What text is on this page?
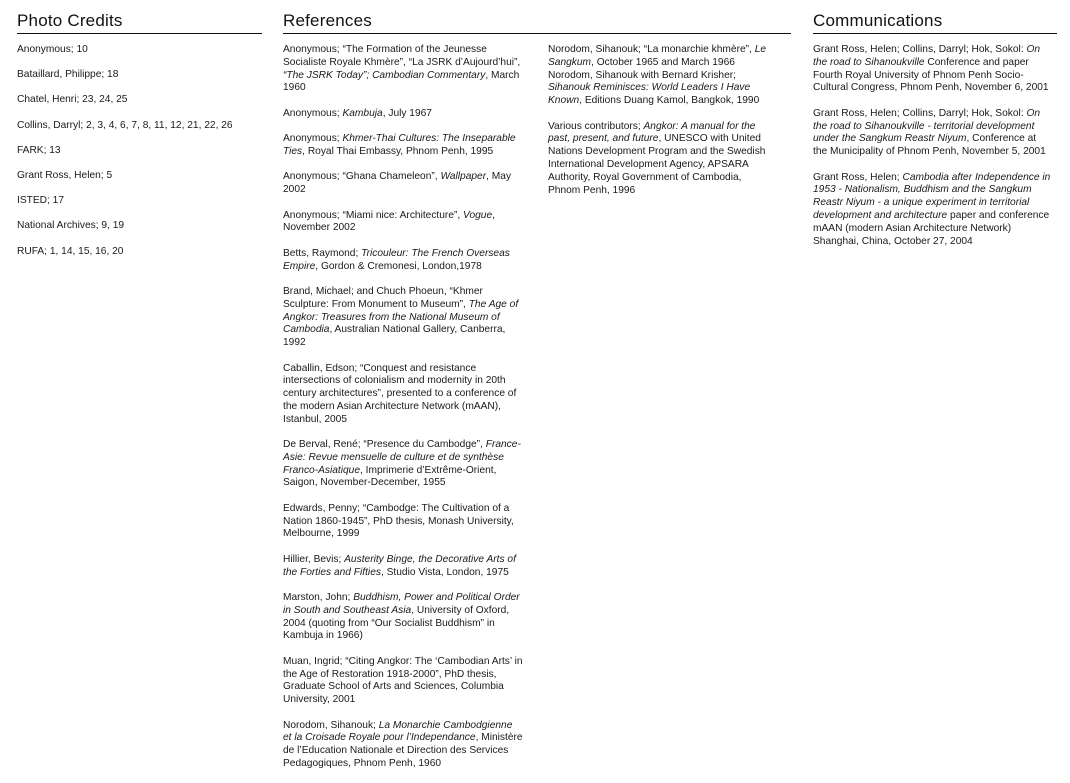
Photo Credits	References	Communications

Anonymous; 10

Bataillard, Philippe; 18

Chatel, Henri; 23, 24, 25

Collins, Darryl; 2, 3, 4, 6, 7, 8, 11, 12, 21, 22, 26

FARK; 13

Grant Ross, Helen; 5

ISTED; 17

National Archives; 9, 19

RUFA; 1, 14, 15, 16, 20

Anonymous; “The Formation of the Jeunesse Socialiste Royale Khmère”, “La JSRK d’Aujourd’hui”, “The JSRK Today”; Cambodian Commentary, March 1960

Anonymous; Kambuja, July 1967

Anonymous; Khmer-Thai Cultures: The Inseparable Ties, Royal Thai Embassy, Phnom Penh, 1995

Anonymous; “Ghana Chameleon”, Wallpaper, May 2002

Anonymous; “Miami nice: Architecture”, Vogue, November 2002

Betts, Raymond; Tricouleur: The French Overseas Empire, Gordon & Cremonesi, London,1978

Brand, Michael; and Chuch Phoeun, “Khmer Sculpture: From Monument to Museum”, The Age of Angkor: Treasures from the National Museum of Cambodia, Australian National Gallery, Canberra, 1992

Caballin, Edson; “Conquest and resistance intersections of colonialism and modernity in 20th century architectures”, presented to a conference of the modern Asian Architecture Network (mAAN), Istanbul, 2005

De Berval, René; “Presence du Cambodge”, France-Asie: Revue mensuelle de culture et de synthèse Franco-Asiatique, Imprimerie d’Extrême-Orient, Saigon, November-December, 1955

Edwards, Penny; “Cambodge: The Cultivation of a Nation 1860-1945”, PhD thesis, Monash University, Melbourne, 1999

Hillier, Bevis; Austerity Binge, the Decorative Arts of the Forties and Fifties, Studio Vista, London, 1975

Marston, John; Buddhism, Power and Political Order in South and Southeast Asia, University of Oxford, 2004 (quoting from “Our Socialist Buddhism” in Kambuja in 1966)

Muan, Ingrid; “Citing Angkor: The ‘Cambodian Arts’ in the Age of Restoration 1918-2000”, PhD thesis, Graduate School of Arts and Sciences, Columbia University, 2001

Norodom, Sihanouk; La Monarchie Cambodgienne et la Croisade Royale pour l’Independance, Ministère de l’Education Nationale et Direction des Services Pedagogiques, Phnom Penh, 1960

Norodom, Sihanouk; “La monarchie khmère”, Le Sangkum, October 1965 and March 1966

Norodom, Sihanouk with Bernard Krisher; Sihanouk Reminisces: World Leaders I Have Known, Editions Duang Kamol, Bangkok, 1990

Various contributors; Angkor: A manual for the past, present, and future, UNESCO with United Nations Development Program and the Swedish International Development Agency, APSARA Authority, Royal Government of Cambodia, Phnom Penh, 1996

Grant Ross, Helen; Collins, Darryl; Hok, Sokol: On the road to Sihanoukville Conference and paper Fourth Royal University of Phnom Penh Socio-Cultural Congress, Phnom Penh, November 6, 2001

Grant Ross, Helen; Collins, Darryl; Hok, Sokol: On the road to Sihanoukville - territorial development under the Sangkum Reastr Niyum, Conference at the Municipality of Phnom Penh, November 5, 2001

Grant Ross, Helen; Cambodia after Independence in 1953 - Nationalism, Buddhism and the Sangkum Reastr Niyum - a unique experiment in territorial development and architecture paper and conference mAAN (modern Asian Architecture Network) Shanghai, China, October 27, 2004
